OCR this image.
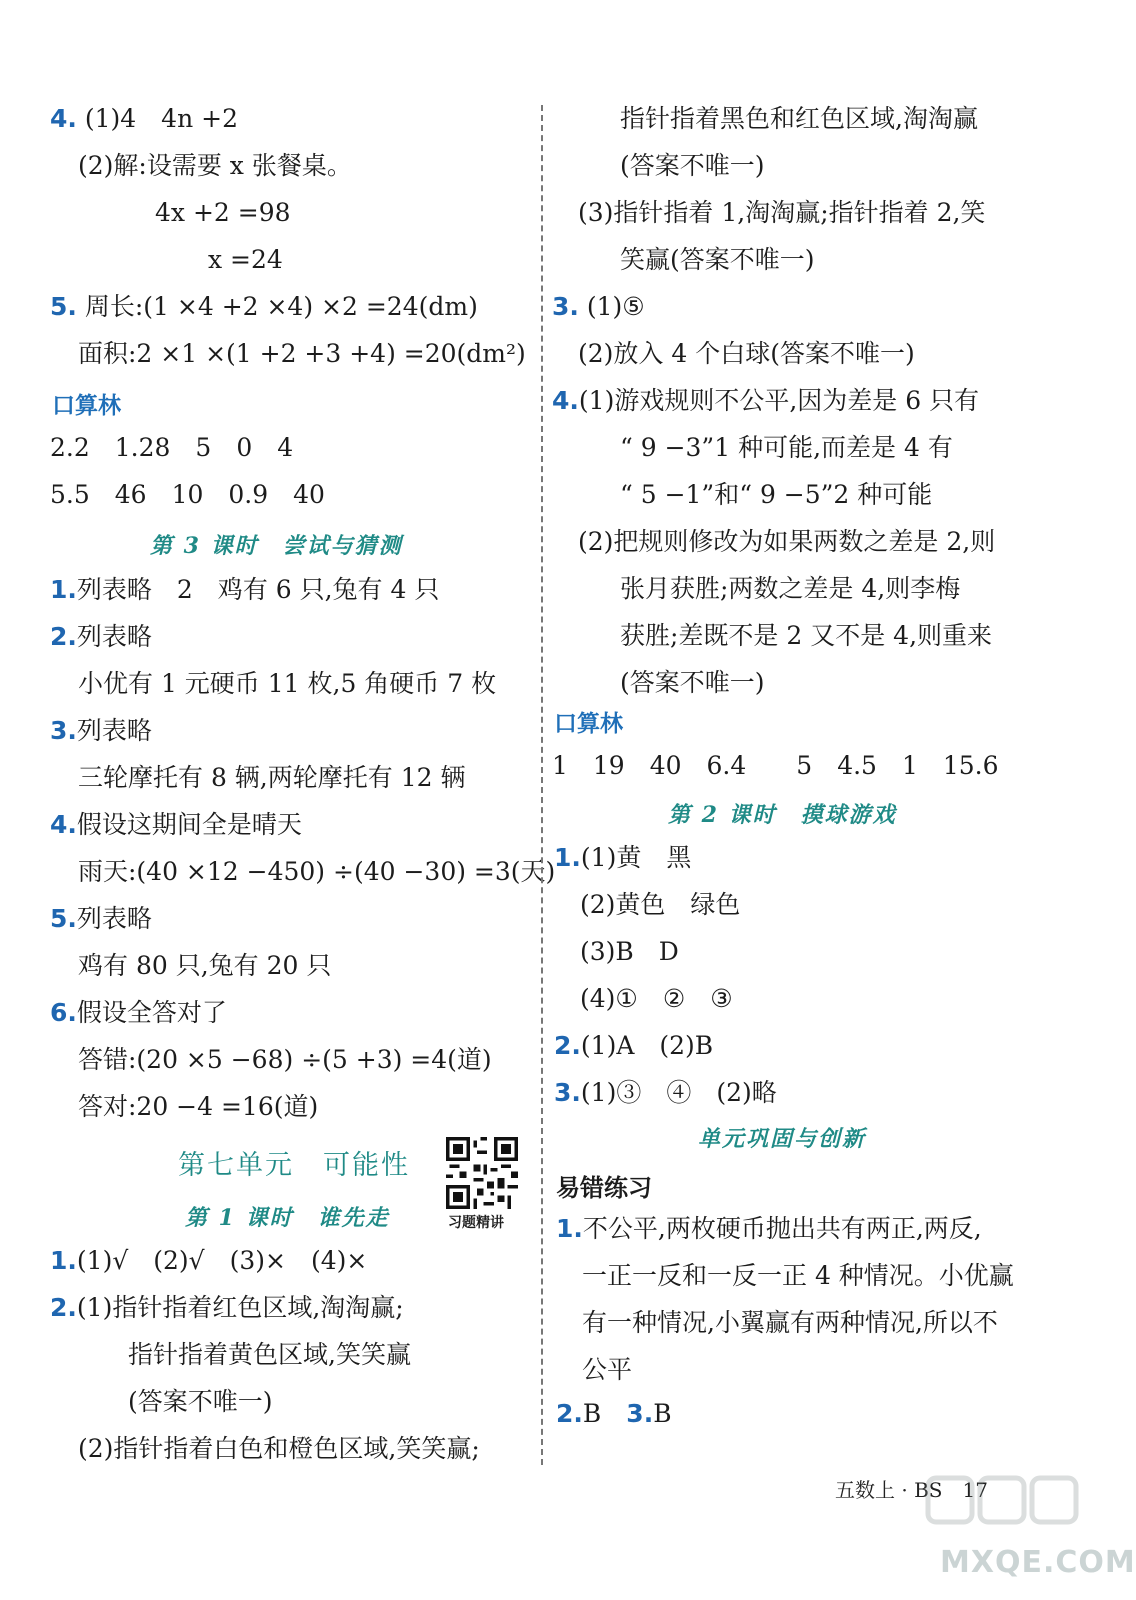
4. (1)4　4n +2
(2)解:设需要 x 张餐桌。
4x +2 =98
x =24
5. 周长:(1 ×4 +2 ×4) ×2 =24(dm)
面积:2 ×1 ×(1 +2 +3 +4) =20(dm²)
口算林
2.2　1.28　5　0　4
5.5　46　10　0.9　40
第 3 课时　尝试与猜测
1.列表略　2　鸡有 6 只,兔有 4 只
2.列表略
小优有 1 元硬币 11 枚,5 角硬币 7 枚
3.列表略
三轮摩托有 8 辆,两轮摩托有 12 辆
4.假设这期间全是晴天
雨天:(40 ×12 −450) ÷(40 −30) =3(天)
5.列表略
鸡有 80 只,兔有 20 只
6.假设全答对了
答错:(20 ×5 −68) ÷(5 +3) =4(道)
答对:20 −4 =16(道)
第七单元　可能性
习题精讲
第 1 课时　谁先走
1.(1)√　(2)√　(3)×　(4)×
2.(1)指针指着红色区域,淘淘赢;
指针指着黄色区域,笑笑赢
(答案不唯一)
(2)指针指着白色和橙色区域,笑笑赢;
指针指着黑色和红色区域,淘淘赢
(答案不唯一)
(3)指针指着 1,淘淘赢;指针指着 2,笑
笑赢(答案不唯一)
3. (1)⑤
(2)放入 4 个白球(答案不唯一)
4.(1)游戏规则不公平,因为差是 6 只有
“ 9 −3”1 种可能,而差是 4 有
“ 5 −1”和“ 9 −5”2 种可能
(2)把规则修改为如果两数之差是 2,则
张月获胜;两数之差是 4,则李梅
获胜;差既不是 2 又不是 4,则重来
(答案不唯一)
口算林
1　19　40　6.4　　5　4.5　1　15.6
第 2 课时　摸球游戏
1.(1)黄　黑
(2)黄色　绿色
(3)B　D
(4)①　②　③
2.(1)A　(2)B
3.(1)③　④　(2)略
单元巩固与创新
易错练习
1.不公平,两枚硬币抛出共有两正,两反,
一正一反和一反一正 4 种情况。小优赢
有一种情况,小翼赢有两种情况,所以不
公平
2.B　 3.B
五数上 · BS　17
MXQE.COM
